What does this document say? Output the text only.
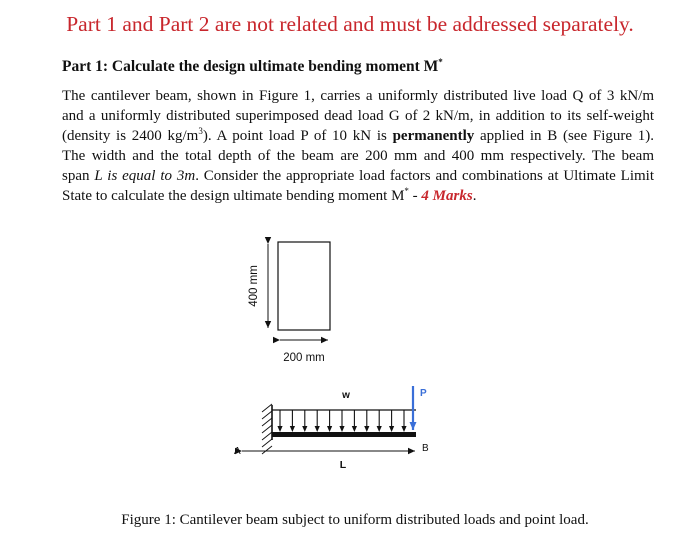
Part 1 and Part 2 are not related and must be addressed separately.
Part 1: Calculate the design ultimate bending moment M*
The cantilever beam, shown in Figure 1, carries a uniformly distributed live load Q of 3 kN/m
and a uniformly distributed superimposed dead load G of 2 kN/m, in addition to its self-weight
(density is 2400 $kg/m^3$). A point load P of 10 kN is permanently applied in B (see Figure 1).
The width and the total depth of the beam are 200 mm and 400 mm respectively. The beam
span L is equal to 3m. Consider the appropriate load factors and combinations at Ultimate Limit
State to calculate the design ultimate bending moment M* - 4 Marks.
400 mm
200 mm
w	P
A	B
L
Figure 1: Cantilever beam subject to uniform distributed loads and point load.
